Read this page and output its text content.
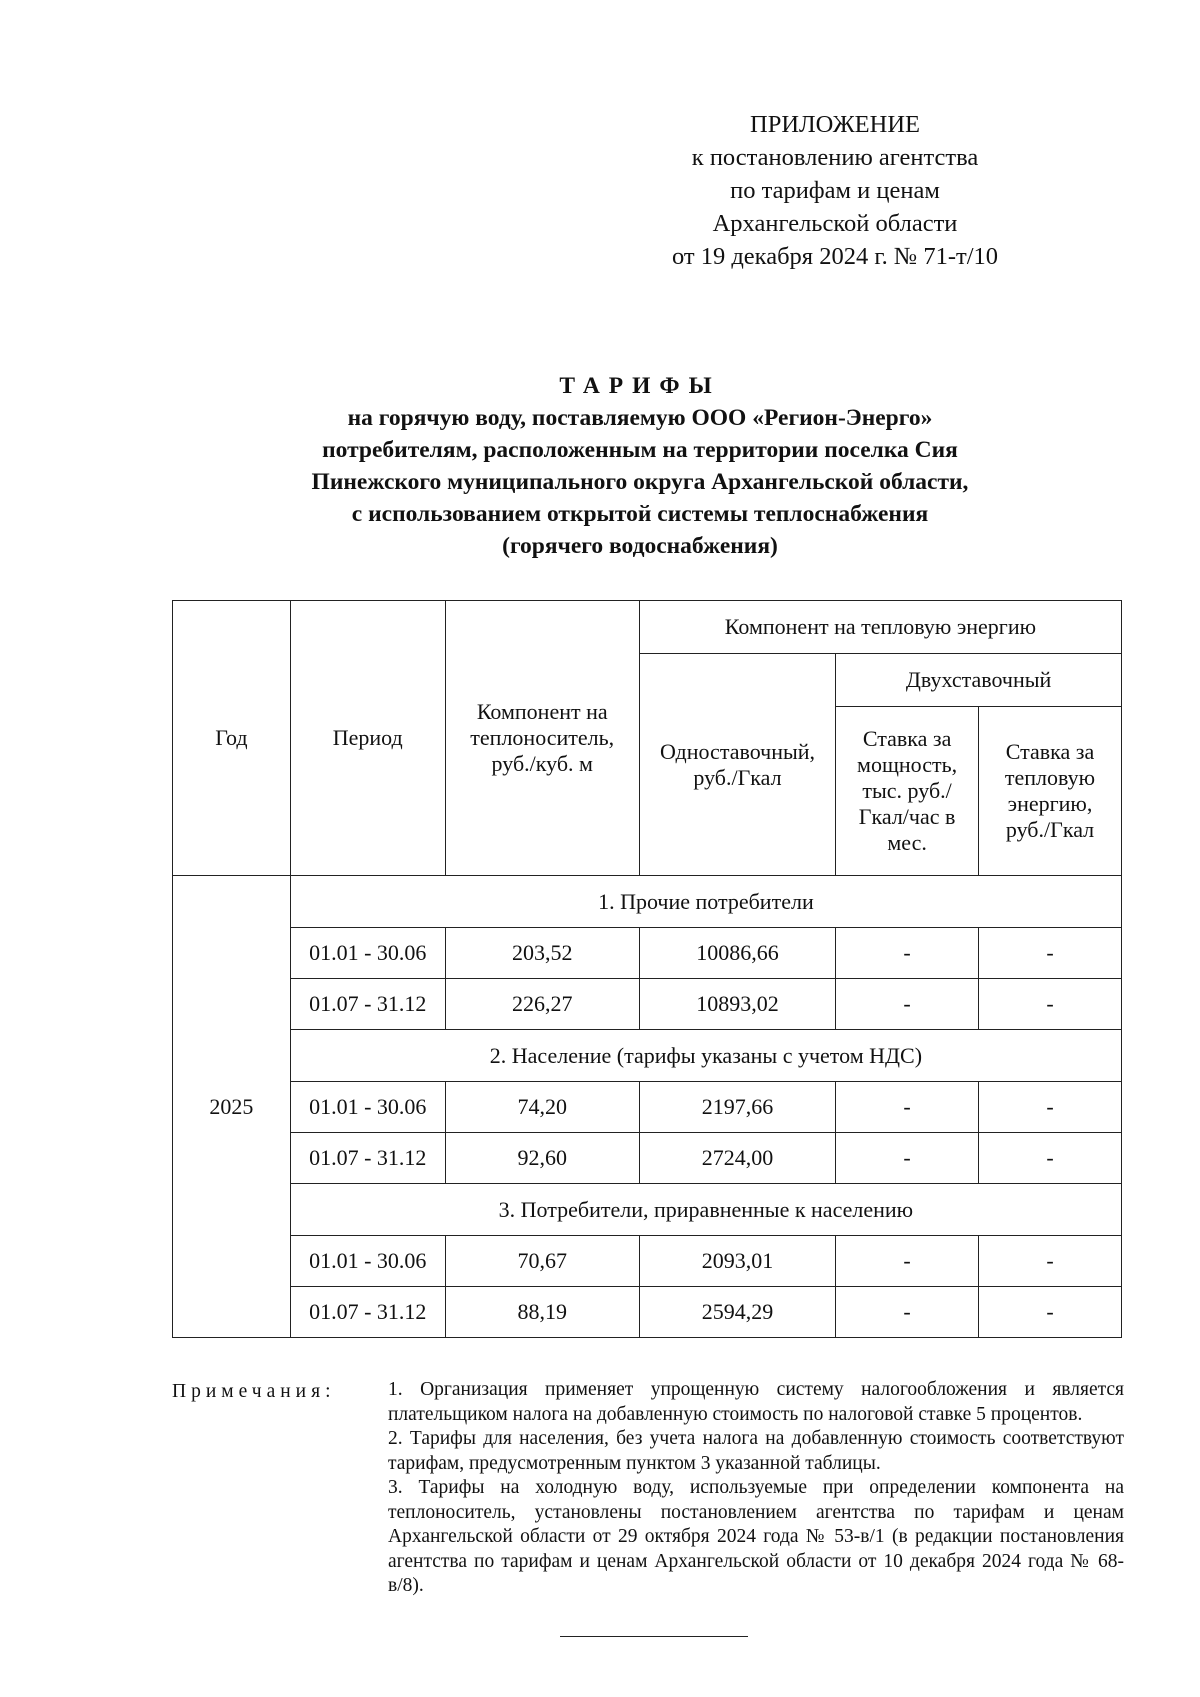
ПРИЛОЖЕНИЕ
к постановлению агентства
по тарифам и ценам
Архангельской области
от 19 декабря 2024 г. № 71-т/10
ТАРИФЫ
на горячую воду, поставляемую ООО «Регион-Энерго»
потребителям, расположенным на территории поселка Сия
Пинежского муниципального округа Архангельской области,
с использованием открытой системы теплоснабжения
(горячего водоснабжения)
Год	Период	Компонент на теплоноситель, руб./куб. м	Компонент на тепловую энергию		
			Одноставочный, руб./Гкал	Двухставочный	
				Ставка за мощность, тыс. руб./ Гкал/час в мес.	Ставка за тепловую энергию, руб./Гкал
2025	1. Прочие потребители				
	01.01 - 30.06	203,52	10086,66	-	-
	01.07 - 31.12	226,27	10893,02	-	-
	2. Население (тарифы указаны с учетом НДС)				
	01.01 - 30.06	74,20	2197,66	-	-
	01.07 - 31.12	92,60	2724,00	-	-
	3. Потребители, приравненные к населению				
	01.01 - 30.06	70,67	2093,01	-	-
	01.07 - 31.12	88,19	2594,29	-	-
Примечания:	1. Организация применяет упрощенную систему налогообложения и является плательщиком налога на добавленную стоимость по налоговой ставке 5 процентов.

2. Тарифы для населения, без учета налога на добавленную стоимость соответствуют тарифам, предусмотренным пунктом 3 указанной таблицы.

3. Тарифы на холодную воду, используемые при определении компонента на теплоноситель, установлены постановлением агентства по тарифам и ценам Архангельской области от 29 октября 2024 года № 53-в/1 (в редакции постановления агентства по тарифам и ценам Архангельской области от 10 декабря 2024 года № 68-в/8).
